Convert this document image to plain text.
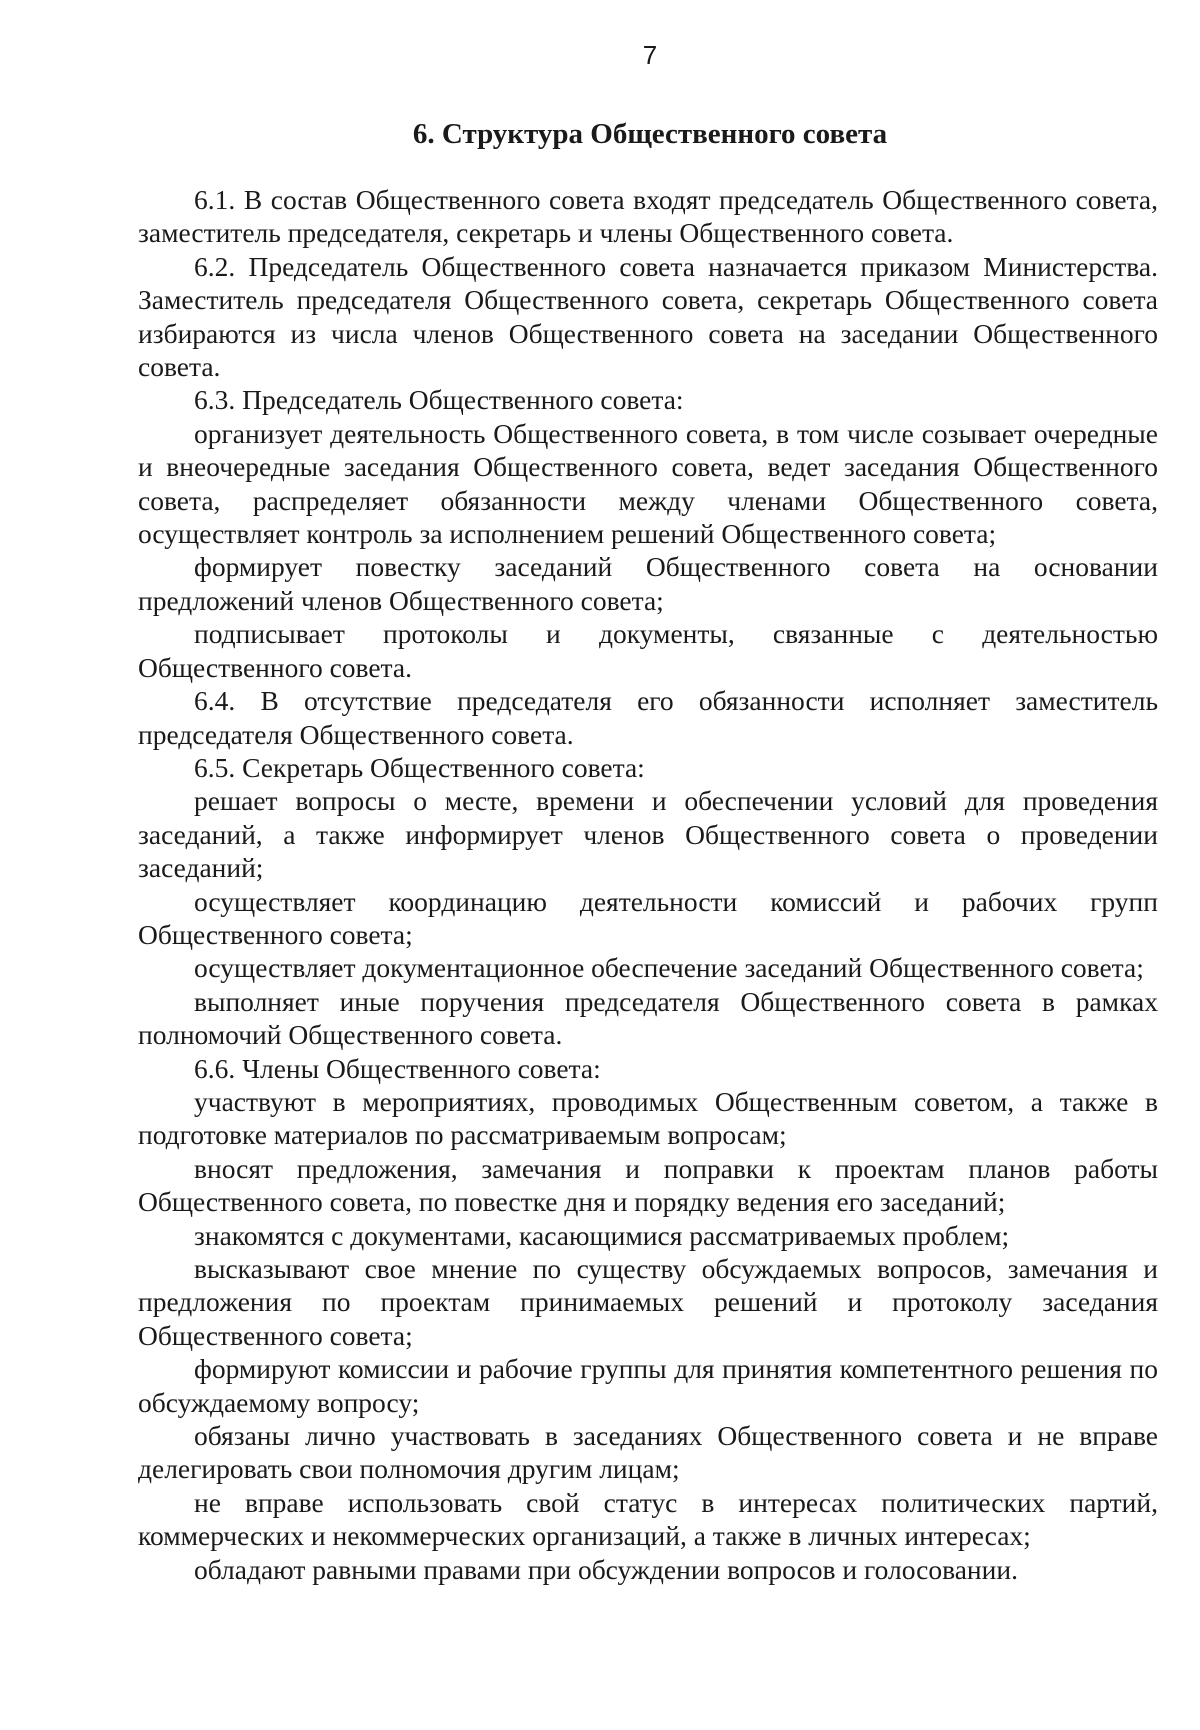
7
6. Структура Общественного совета

6.1. В состав Общественного совета входят председатель Общественного совета, заместитель председателя, секретарь и члены Общественного совета.

6.2. Председатель Общественного совета назначается приказом Министерства. Заместитель председателя Общественного совета, секретарь Общественного совета избираются из числа членов Общественного совета на заседании Общественного совета.

6.3. Председатель Общественного совета:

организует деятельность Общественного совета, в том числе созывает очередные и внеочередные заседания Общественного совета, ведет заседания Общественного совета, распределяет обязанности между членами Общественного совета, осуществляет контроль за исполнением решений Общественного совета;

формирует повестку заседаний Общественного совета на основании предложений членов Общественного совета;

подписывает протоколы и документы, связанные с деятельностью Общественного совета.

6.4. В отсутствие председателя его обязанности исполняет заместитель председателя Общественного совета.

6.5. Секретарь Общественного совета:

решает вопросы о месте, времени и обеспечении условий для проведения заседаний, а также информирует членов Общественного совета о проведении заседаний;

осуществляет координацию деятельности комиссий и рабочих групп Общественного совета;

осуществляет документационное обеспечение заседаний Общественного совета;

выполняет иные поручения председателя Общественного совета в рамках полномочий Общественного совета.

6.6. Члены Общественного совета:

участвуют в мероприятиях, проводимых Общественным советом, а также в подготовке материалов по рассматриваемым вопросам;

вносят предложения, замечания и поправки к проектам планов работы Общественного совета, по повестке дня и порядку ведения его заседаний;

знакомятся с документами, касающимися рассматриваемых проблем;

высказывают свое мнение по существу обсуждаемых вопросов, замечания и предложения по проектам принимаемых решений и протоколу заседания Общественного совета;

формируют комиссии и рабочие группы для принятия компетентного решения по обсуждаемому вопросу;

обязаны лично участвовать в заседаниях Общественного совета и не вправе делегировать свои полномочия другим лицам;

не вправе использовать свой статус в интересах политических партий, коммерческих и некоммерческих организаций, а также в личных интересах;

обладают равными правами при обсуждении вопросов и голосовании.
